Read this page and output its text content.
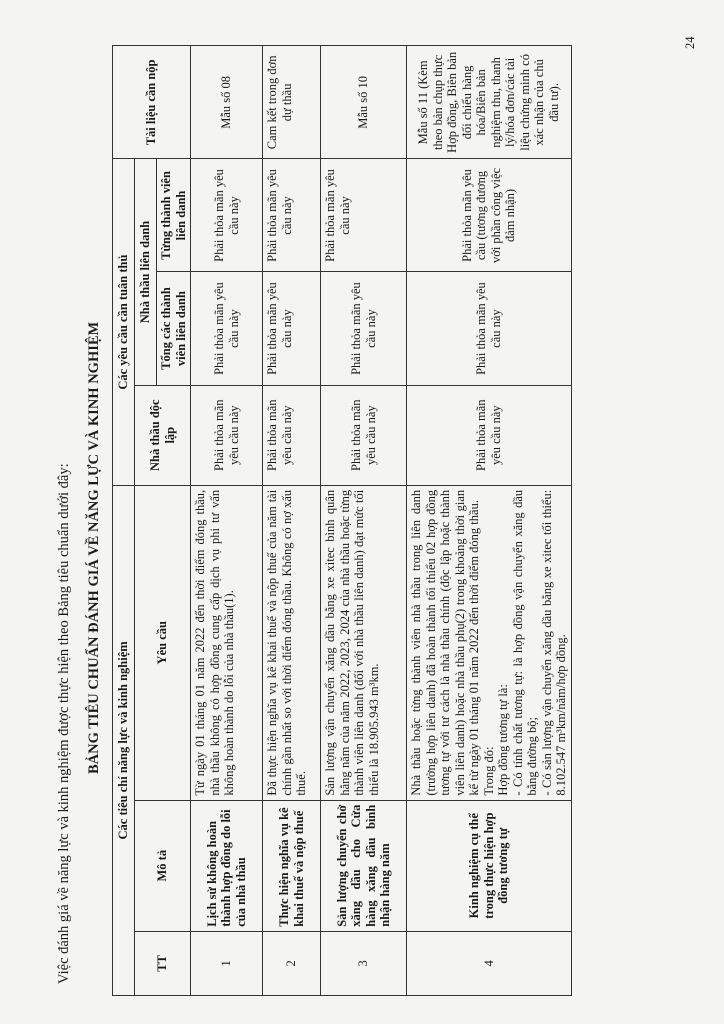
Việc đánh giá về năng lực và kinh nghiệm được thực hiện theo Bảng tiêu chuẩn dưới đây: BẢNG TIÊU CHUẨN ĐÁNH GIÁ VỀ NĂNG LỰC VÀ KINH NGHIỆM Các tiêu chí năng lực và kinh nghiệm			Các yêu cầu cần tuân thủ			Tài liệu cần nộp
TT	Mô tả	Yêu cầu	Nhà thầu độc lập	Nhà thầu liên danh		
				Tổng các thành viên liên danh	Từng thành viên liên danh	
1	Lịch sử không hoàn thành hợp đồng do lỗi của nhà thầu	Từ ngày 01 tháng 01 năm 2022 đến thời điểm đóng thầu, nhà thầu không có hợp đồng cung cấp dịch vụ phi tư vấn không hoàn thành do lỗi của nhà thầu(1).	Phải thỏa mãn yêu cầu này	Phải thỏa mãn yêu cầu này	Phải thỏa mãn yêu cầu này	Mẫu số 08
2	Thực hiện nghĩa vụ kê khai thuế và nộp thuế	Đã thực hiện nghĩa vụ kê khai thuế và nộp thuế của năm tài chính gần nhất so với thời điểm đóng thầu. Không có nợ xấu thuế.	Phải thỏa mãn yêu cầu này	Phải thỏa mãn yêu cầu này	Phải thỏa mãn yêu cầu này	Cam kết trong đơn dự thầu
3	Sản lượng chuyển chở xăng dầu cho Cửa hàng xăng dầu bình nhận hàng năm	Sản lượng vận chuyển xăng dầu bằng xe xitec bình quân hằng năm của năm 2022, 2023, 2024 của nhà thầu hoặc từng thành viên liên danh (đối với nhà thầu liên danh) đạt mức tối thiểu là 18.905.943 m³km.	Phải thỏa mãn yêu cầu này	Phải thỏa mãn yêu cầu này	Phải thỏa mãn yêu cầu này	Mẫu số 10
4	Kinh nghiệm cụ thể trong thực hiện hợp đồng tương tự	Nhà thầu hoặc từng thành viên nhà thầu trong liên danh (trường hợp liên danh) đã hoàn thành tối thiểu 02 hợp đồng tương tự với tư cách là nhà thầu chính (độc lập hoặc thành viên liên danh) hoặc nhà thầu phụ(2) trong khoảng thời gian kể từ ngày 01 tháng 01 năm 2022 đến thời điểm đóng thầu. Trong đó: Hợp đồng tương tự là: - Có tính chất tương tự: là hợp đồng vận chuyển xăng dầu bằng đường bộ; - Có sản lượng vận chuyển xăng dầu bằng xe xitec tối thiểu: 8.102.547 m³km/năm/hợp đồng.	Phải thỏa mãn yêu cầu này	Phải thỏa mãn yêu cầu này	Phải thỏa mãn yêu cầu (tương đương với phần công việc đảm nhận)	Mẫu số 11 (Kèm theo bản chụp thực Hợp đồng, Biên bản đối chiếu hàng hóa/Biên bản nghiệm thu, thanh lý/hóa đơn/các tài liệu chứng minh có xác nhận của chủ đầu tư).
24
